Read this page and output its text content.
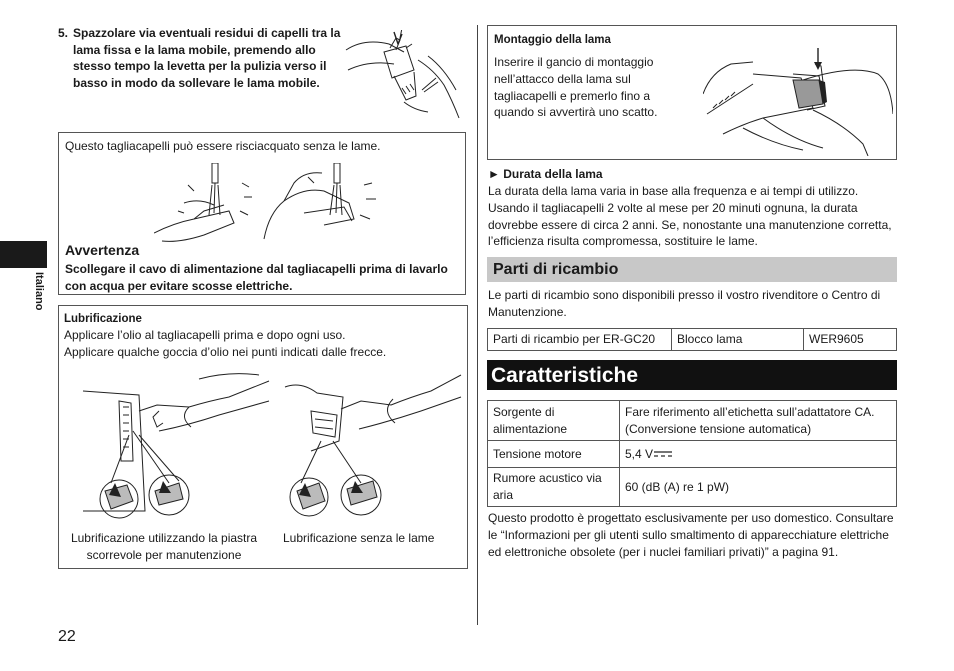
5. Spazzolare via eventuali residui di capelli tra la lama fissa e la lama mobile, premendo allo stesso tempo la levetta per la pulizia verso il basso in modo da sollevare le lama mobile.
Questo tagliacapelli può essere risciacquato senza le lame.
Avvertenza
Scollegare il cavo di alimentazione dal tagliacapelli prima di lavarlo con acqua per evitare scosse elettriche.
Lubrificazione
Applicare l’olio al tagliacapelli prima e dopo ogni uso.
Applicare qualche goccia d’olio nei punti indicati dalle frecce.
Lubrificazione utilizzando la piastra scorrevole per manutenzione
Lubrificazione senza le lame
Italiano
22
Montaggio della lama
Inserire il gancio di montaggio nell’attacco della lama sul tagliacapelli e premerlo fino a quando si avvertirà uno scatto.
► Durata della lama
La durata della lama varia in base alla frequenza e ai tempi di utilizzo. Usando il tagliacapelli 2 volte al mese per 20 minuti ognuna, la durata dovrebbe essere di circa 2 anni. Se, nonostante una manutenzione corretta, l’efficienza risulta compromessa, sostituire le lame.
Parti di ricambio
Le parti di ricambio sono disponibili presso il vostro rivenditore o Centro di Manutenzione.
Parti di ricambio per ER-GC20	Blocco lama	WER9605
Caratteristiche
Sorgente di alimentazione	Fare riferimento all’etichetta sull’adattatore CA. (Conversione tensione automatica)
Tensione motore	5,4 V
Rumore acustico via aria	60 (dB (A) re 1 pW)
Questo prodotto è progettato esclusivamente per uso domestico. Consultare le “Informazioni per gli utenti sullo smaltimento di apparecchiature elettriche ed elettroniche obsolete (per i nuclei familiari privati)” a pagina 91.
